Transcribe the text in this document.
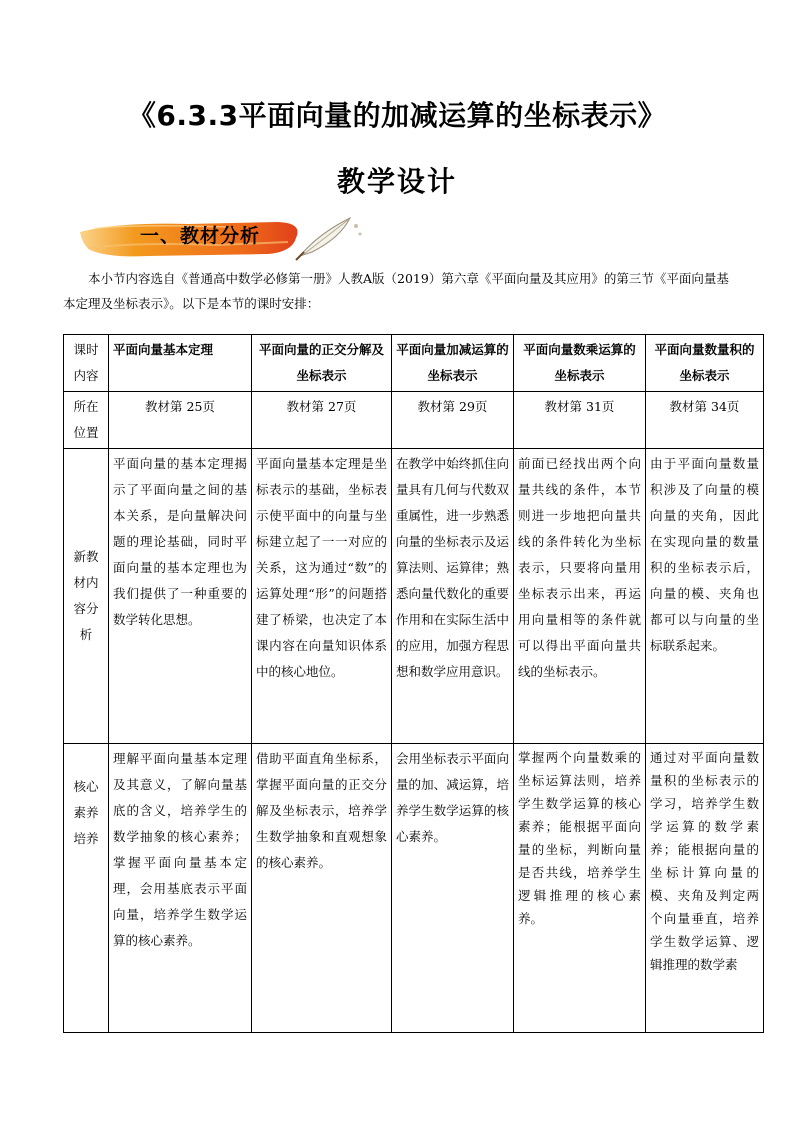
《6.3.3平面向量的加减运算的坐标表示》
教学设计
一、教材分析
本小节内容选自《普通高中数学必修第一册》人教A版（2019）第六章《平面向量及其应用》的第三节《平面向量基本定理及坐标表示》。以下是本节的课时安排：
课时内容	平面向量基本定理	平面向量的正交分解及坐标表示	平面向量加减运算的坐标表示	平面向量数乘运算的坐标表示	平面向量数量积的坐标表示
所在位置	教材第 25页	教材第 27页	教材第 29页	教材第 31页	教材第 34页
新教材内容分析	平面向量的基本定理揭示了平面向量之间的基本关系，是向量解决问题的理论基础，同时平面向量的基本定理也为我们提供了一种重要的数学转化思想。	平面向量基本定理是坐标表示的基础，坐标表示使平面中的向量与坐标建立起了一一对应的关系，这为通过“数”的运算处理“形”的问题搭建了桥梁，也决定了本课内容在向量知识体系中的核心地位。	在教学中始终抓住向量具有几何与代数双重属性，进一步熟悉向量的坐标表示及运算法则、运算律；熟悉向量代数化的重要作用和在实际生活中的应用，加强方程思想和数学应用意识。	前面已经找出两个向量共线的条件，本节则进一步地把向量共线的条件转化为坐标表示，只要将向量用坐标表示出来，再运用向量相等的条件就可以得出平面向量共线的坐标表示。	由于平面向量数量积涉及了向量的模向量的夹角，因此在实现向量的数量积的坐标表示后，向量的模、夹角也都可以与向量的坐标联系起来。
核心素养培养	理解平面向量基本定理及其意义，了解向量基底的含义，培养学生的数学抽象的核心素养；掌握平面向量基本定理，会用基底表示平面向量，培养学生数学运算的核心素养。	借助平面直角坐标系，掌握平面向量的正交分解及坐标表示，培养学生数学抽象和直观想象的核心素养。	会用坐标表示平面向量的加、减运算，培养学生数学运算的核心素养。	掌握两个向量数乘的坐标运算法则，培养学生数学运算的核心素养；能根据平面向量的坐标，判断向量是否共线，培养学生逻辑推理的核心素养。	通过对平面向量数量积的坐标表示的学习，培养学生数学运算的数学素养；能根据向量的坐标计算向量的模、夹角及判定两个向量垂直，培养学生数学运算、逻辑推理的数学素
